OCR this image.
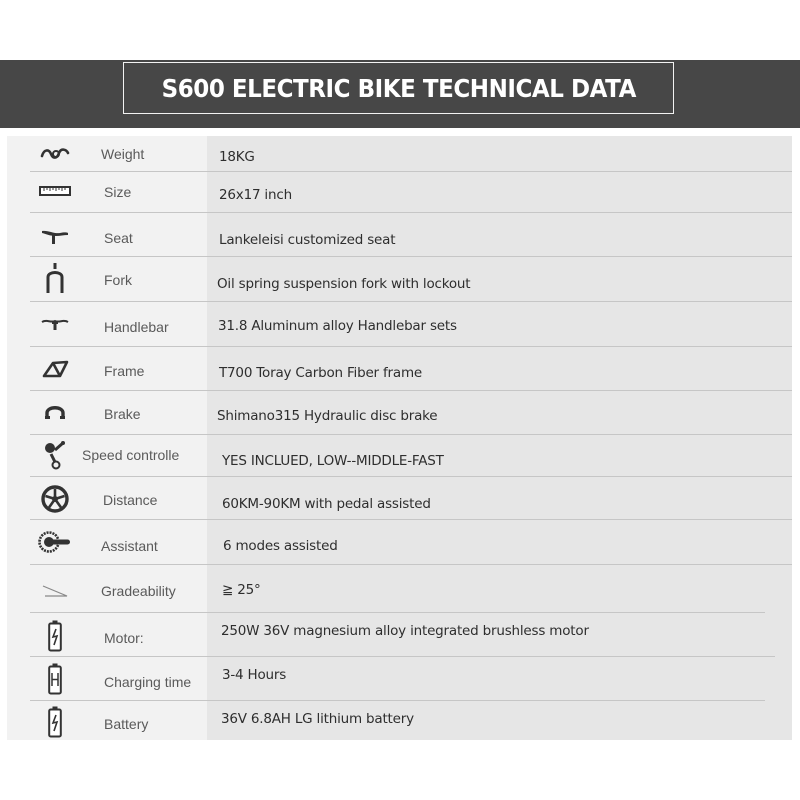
S600 ELECTRIC BIKE TECHNICAL DATA
Weight	18KG
Size	26x17 inch
Seat	Lankeleisi customized seat
Fork	Oil spring suspension fork with lockout
Handlebar	31.8 Aluminum alloy Handlebar sets
Frame	T700 Toray Carbon Fiber frame
Brake	Shimano315 Hydraulic disc brake
Speed controlle	YES INCLUED, LOW--MIDDLE-FAST
Distance	60KM-90KM with pedal assisted
Assistant	6 modes assisted
Gradeability	≧ 25°
Motor:	250W 36V magnesium alloy integrated brushless motor
Charging time 3-4 Hours
Battery	36V 6.8AH LG lithium battery
